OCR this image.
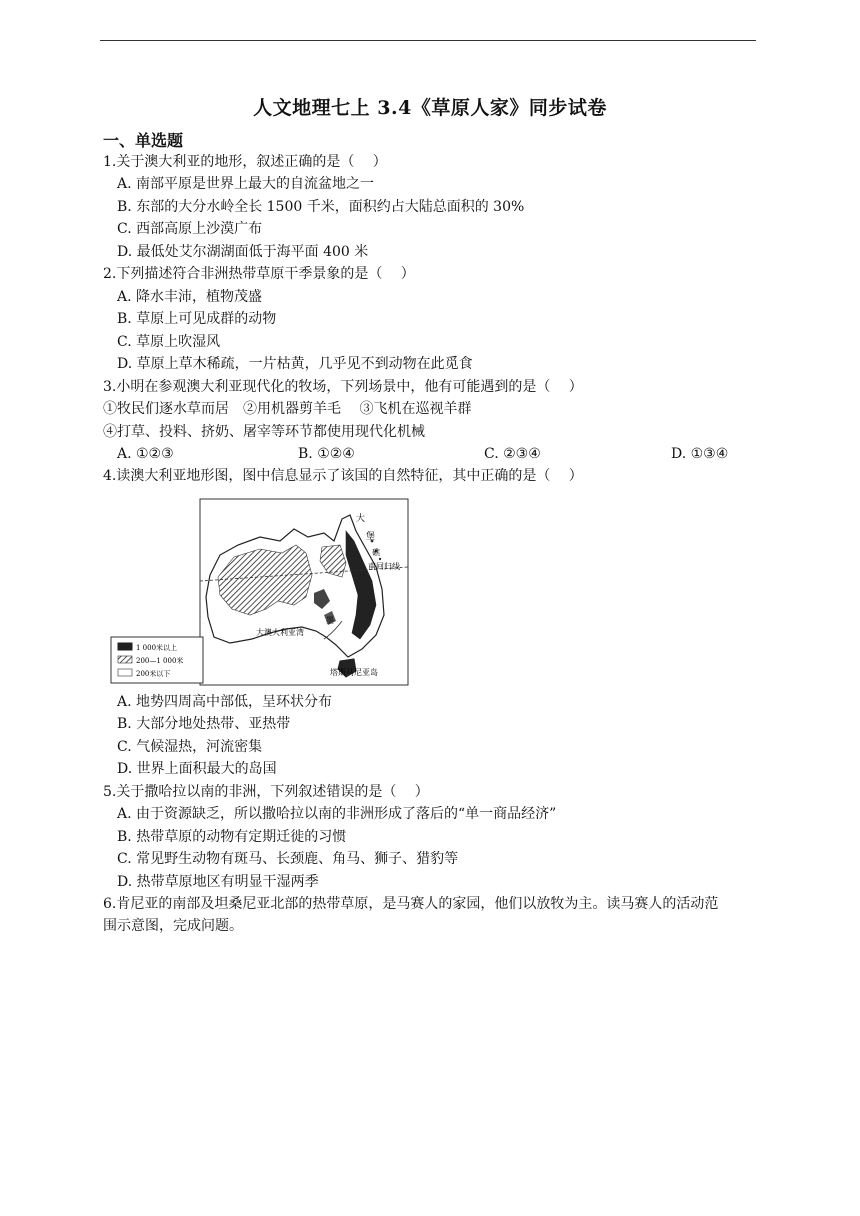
人文地理七上 3.4《草原人家》同步试卷
一、单选题
1.关于澳大利亚的地形，叙述正确的是（　 ）
A. 南部平原是世界上最大的自流盆地之一
B. 东部的大分水岭全长 1500 千米，面积约占大陆总面积的 30%
C. 西部高原上沙漠广布
D. 最低处艾尔湖湖面低于海平面 400 米
2.下列描述符合非洲热带草原干季景象的是（　 ）
A. 降水丰沛，植物茂盛
B. 草原上可见成群的动物
C. 草原上吹湿风
D. 草原上草木稀疏，一片枯黄，几乎见不到动物在此觅食
3.小明在参观澳大利亚现代化的牧场，下列场景中，他有可能遇到的是（　 ）
①牧民们逐水草而居　②用机器剪羊毛　 ③飞机在巡视羊群
④打草、投料、挤奶、屠宰等环节都使用现代化机械
A. ①②③	B. ①②④	C. ②③④	D. ①③④
4.读澳大利亚地形图，图中信息显示了该国的自然特征，其中正确的是（　 ）
大
堡
礁
南回归线
大澳大利亚湾
墨
塔斯马尼亚岛
1 000米以上
200—1 000米
200米以下
A. 地势四周高中部低，呈环状分布
B. 大部分地处热带、亚热带
C. 气候湿热，河流密集
D. 世界上面积最大的岛国
5.关于撒哈拉以南的非洲，下列叙述错误的是（　 ）
A. 由于资源缺乏，所以撒哈拉以南的非洲形成了落后的“单一商品经济”
B. 热带草原的动物有定期迁徙的习惯
C. 常见野生动物有斑马、长颈鹿、角马、狮子、猎豹等
D. 热带草原地区有明显干湿两季
6.肯尼亚的南部及坦桑尼亚北部的热带草原，是马赛人的家园，他们以放牧为主。读马赛人的活动范
围示意图，完成问题。
